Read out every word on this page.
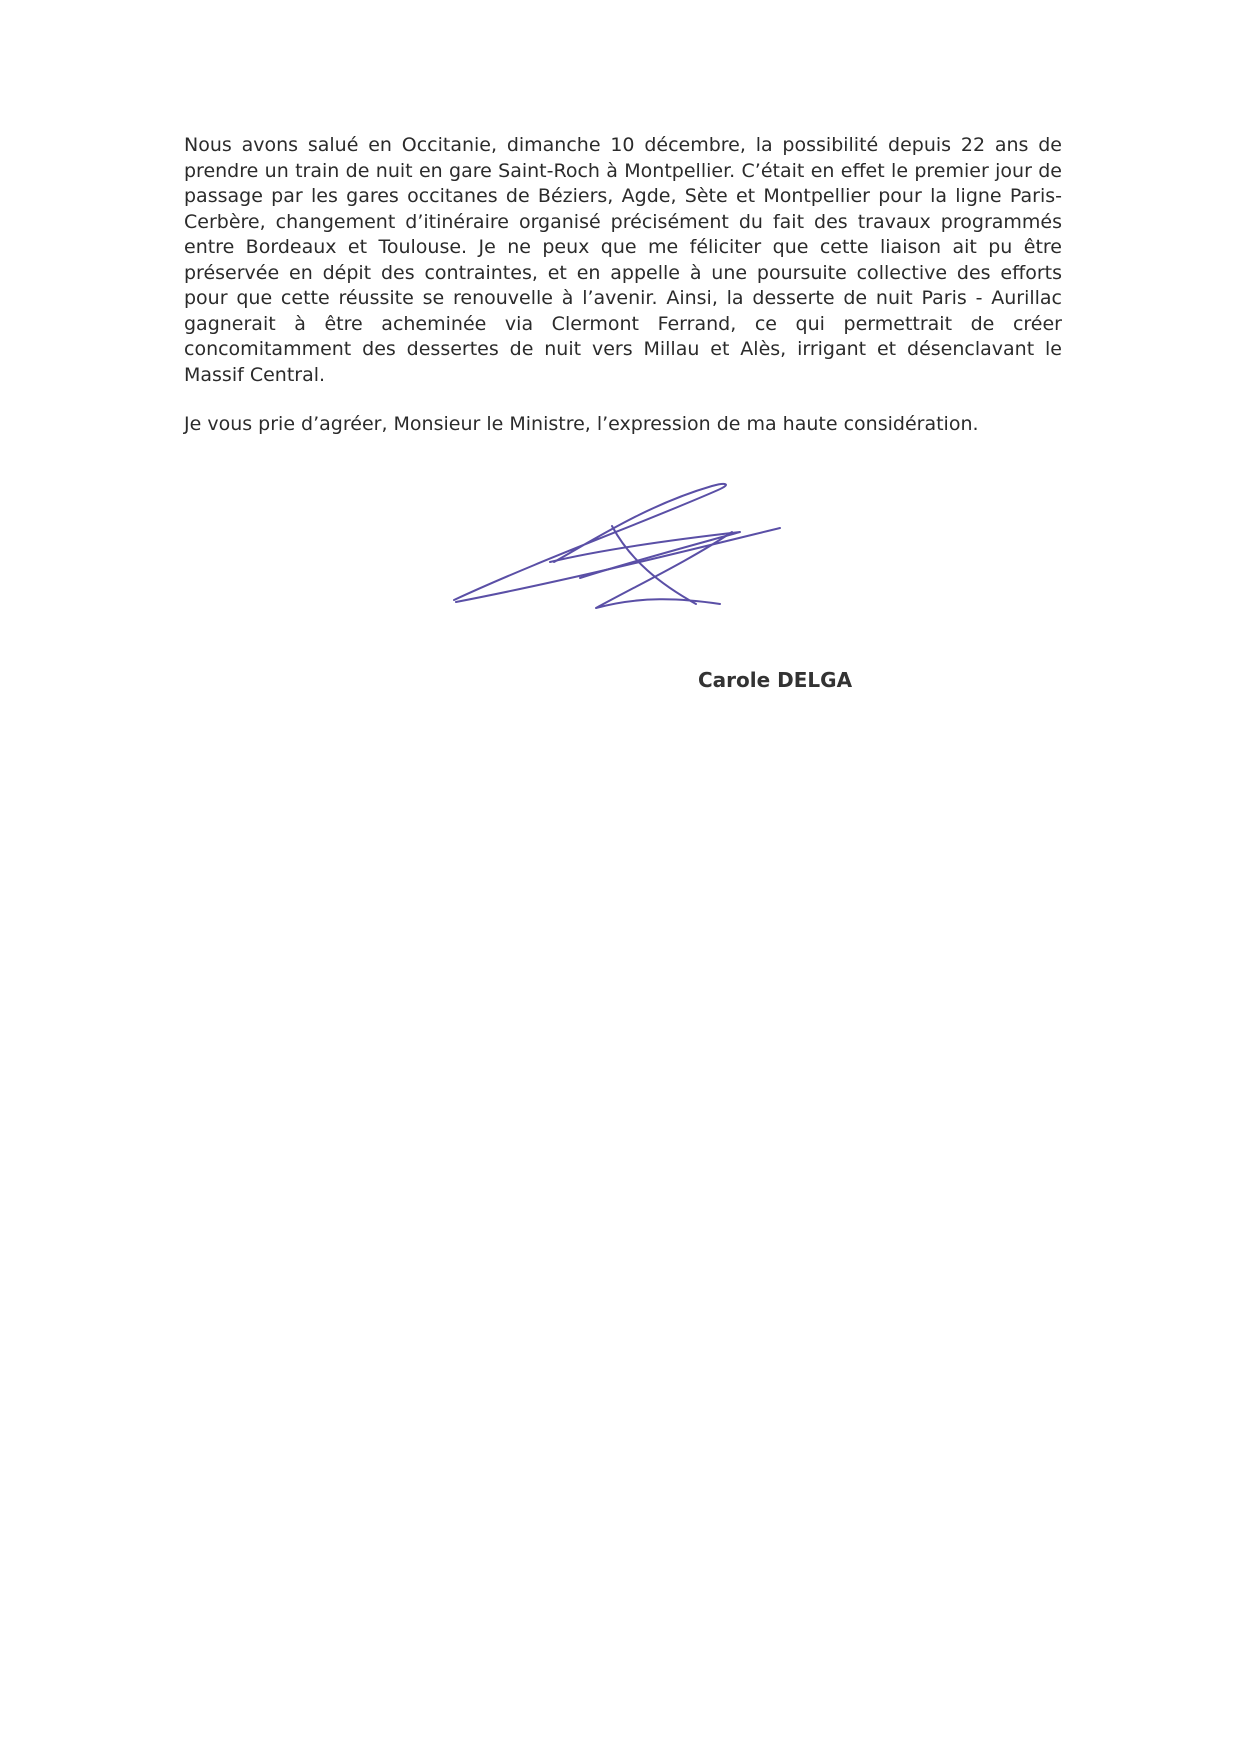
Nous avons salué en Occitanie, dimanche 10 décembre, la possibilité depuis 22 ans de prendre un train de nuit en gare Saint-Roch à Montpellier. C’était en effet le premier jour de passage par les gares occitanes de Béziers, Agde, Sète et Montpellier pour la ligne Paris-Cerbère, changement d’itinéraire organisé précisément du fait des travaux programmés entre Bordeaux et Toulouse. Je ne peux que me féliciter que cette liaison ait pu être préservée en dépit des contraintes, et en appelle à une poursuite collective des efforts pour que cette réussite se renouvelle à l’avenir. Ainsi, la desserte de nuit Paris - Aurillac gagnerait à être acheminée via Clermont Ferrand, ce qui permettrait de créer concomitamment des dessertes de nuit vers Millau et Alès, irrigant et désenclavant le Massif Central.

Je vous prie d’agréer, Monsieur le Ministre, l’expression de ma haute considération.

Carole DELGA
